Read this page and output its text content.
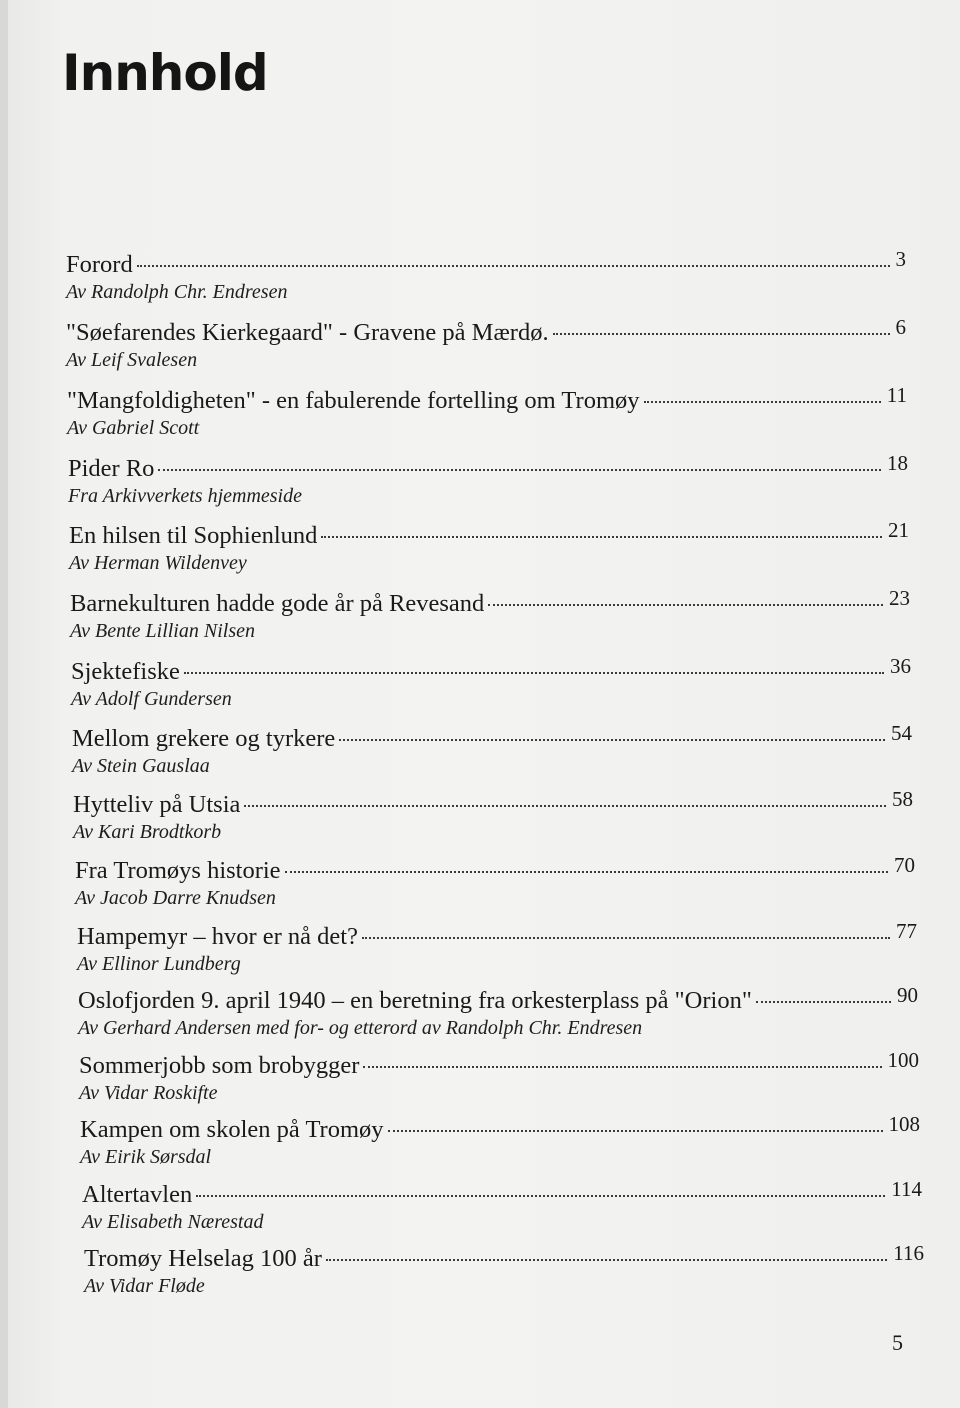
Innhold
Forord	3
Av Randolph Chr. Endresen
"Søefarendes Kierkegaard" - Gravene på Mærdø.	6
Av Leif Svalesen
"Mangfoldigheten" - en fabulerende fortelling om Tromøy	11
Av Gabriel Scott
Pider Ro	18
Fra Arkivverkets hjemmeside
En hilsen til Sophienlund	21
Av Herman Wildenvey
Barnekulturen hadde gode år på Revesand	23
Av Bente Lillian Nilsen
Sjektefiske	36
Av Adolf Gundersen
Mellom grekere og tyrkere	54
Av Stein Gauslaa
Hytteliv på Utsia	58
Av Kari Brodtkorb
Fra Tromøys historie	70
Av Jacob Darre Knudsen
Hampemyr – hvor er nå det?	77
Av Ellinor Lundberg
Oslofjorden 9. april 1940 – en beretning fra orkesterplass på "Orion"	90
Av Gerhard Andersen med for- og etterord av Randolph Chr. Endresen
Sommerjobb som brobygger	100
Av Vidar Roskifte
Kampen om skolen på Tromøy	108
Av Eirik Sørsdal
Altertavlen	114
Av Elisabeth Nærestad
Tromøy Helselag 100 år	116
Av Vidar Fløde
5
